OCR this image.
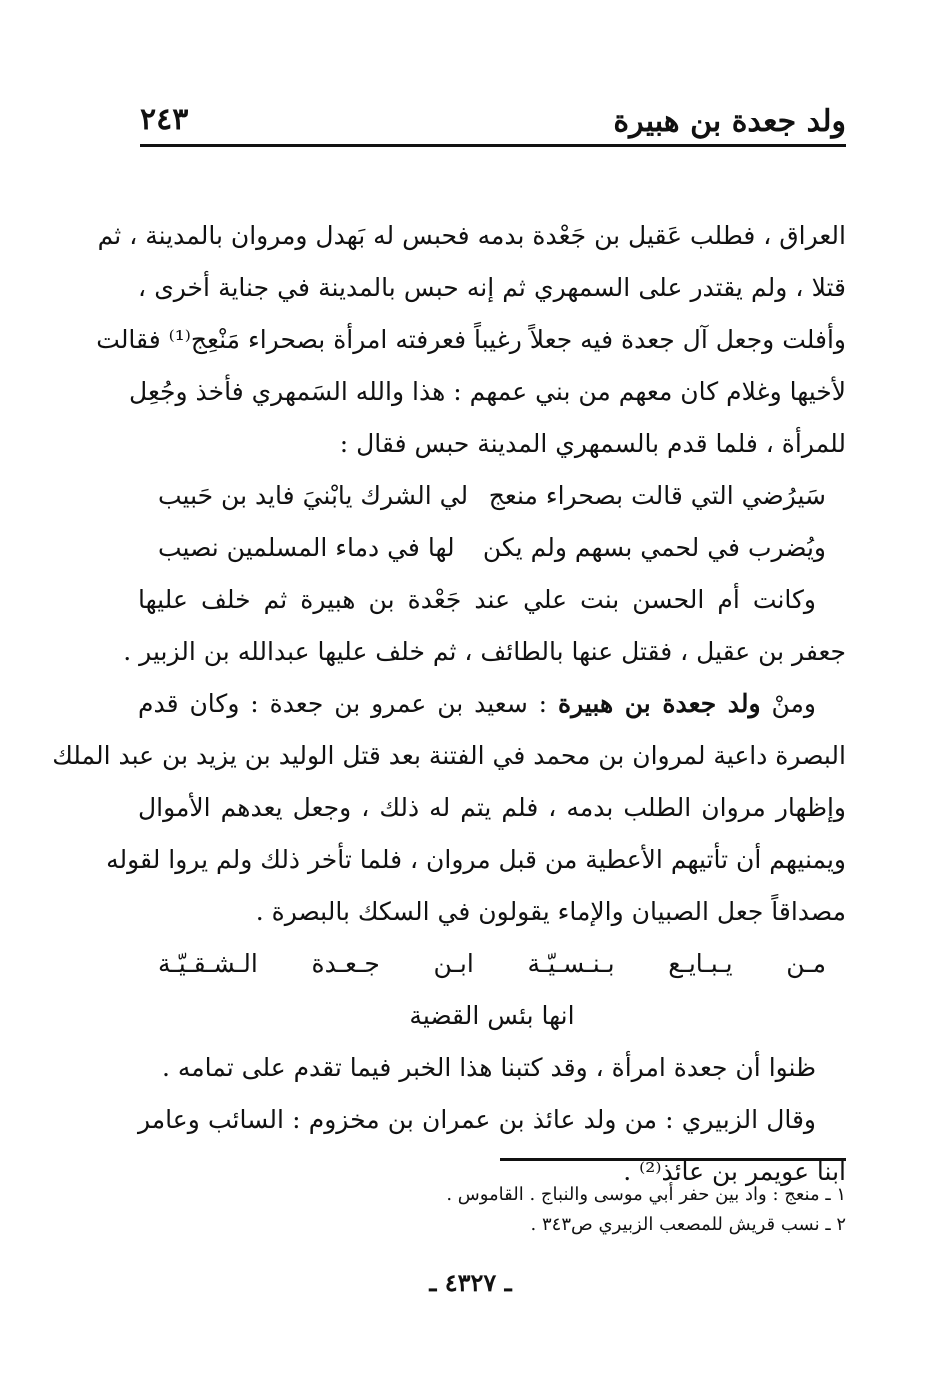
ولد جعدة بن هبيرة
٢٤٣
العراق ، فطلب عَقيل بن جَعْدة بدمه فحبس له بَهدل ومروان بالمدينة ، ثم
قتلا ، ولم يقتدر على السمهري ثم إنه حبس بالمدينة في جناية أخرى ،
وأفلت وجعل آل جعدة فيه جعلاً رغيباً فعرفته امرأة بصحراء مَنْعِج⁽¹⁾ فقالت
لأخيها وغلام كان معهم من بني عمهم : هذا والله السَمهري فأخذ وجُعِل
للمرأة ، فلما قدم بالسمهري المدينة حبس فقال :
سَيرُضي التي قالت بصحراء منعج
لي الشرك يابْنيَ فايد بن حَبيب
ويُضرب في لحمي بسهم ولم يكن
لها في دماء المسلمين نصيب
وكانت أم الحسن بنت علي عند جَعْدة بن هبيرة ثم خلف عليها
جعفر بن عقيل ، فقتل عنها بالطائف ، ثم خلف عليها عبدالله بن الزبير .
ومنْ ولد جعدة بن هبيرة : سعيد بن عمرو بن جعدة : وكان قدم
البصرة داعية لمروان بن محمد في الفتنة بعد قتل الوليد بن يزيد بن عبد الملك
وإظهار مروان الطلب بدمه ، فلم يتم له ذلك ، وجعل يعدهم الأموال
ويمنيهم أن تأتيهم الأعطية من قبل مروان ، فلما تأخر ذلك ولم يروا لقوله
مصداقاً جعل الصبيان والإماء يقولون في السكك بالبصرة .
مـن
يـبـايـع
بـنـسـيّـة
ابـن
جـعـدة
الـشـقـيّـة
انها بئس القضية
ظنوا أن جعدة امرأة ، وقد كتبنا هذا الخبر فيما تقدم على تمامه .
وقال الزبيري : من ولد عائذ بن عمران بن مخزوم : السائب وعامر
ابنا عويمر بن عائذ⁽²⁾ .
١ ـ منعج : واد بين حفر أبي موسى والنباج . القاموس .
٢ ـ نسب قريش للمصعب الزبيري ص٣٤٣ .
ـ ٤٣٢٧ ـ
